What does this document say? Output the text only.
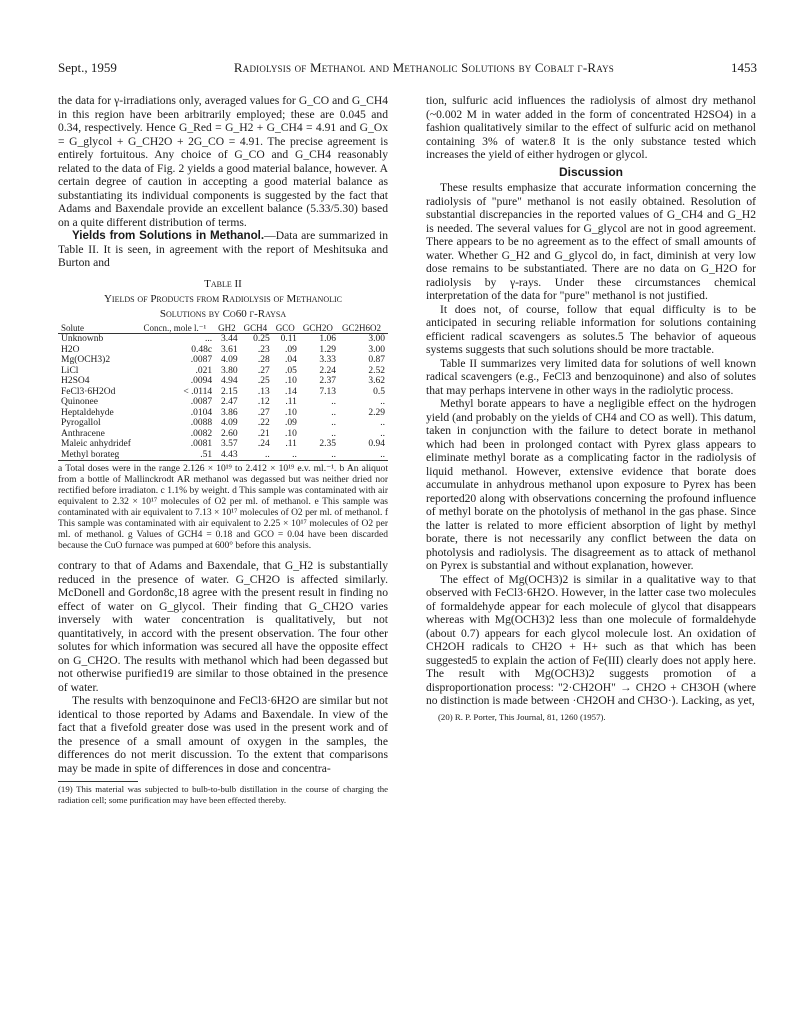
Sept., 1959	Radiolysis of Methanol and Methanolic Solutions by Cobalt γ-Rays	1453

the data for γ-irradiations only, averaged values for G_CO and G_CH4 in this region have been arbitrarily employed; these are 0.045 and 0.34, respectively. Hence G_Red = G_H2 + G_CH4 = 4.91 and G_Ox = G_glycol + G_CH2O + 2G_CO = 4.91. The precise agreement is entirely fortuitous. Any choice of G_CO and G_CH4 reasonably related to the data of Fig. 2 yields a good material balance, however. A certain degree of caution in accepting a good material balance as substantiating its individual components is suggested by the fact that Adams and Baxendale provide an excellent balance (5.33/5.30) based on a quite different distribution of terms.

Yields from Solutions in Methanol.—Data are summarized in Table II. It is seen, in agreement with the report of Meshitsuka and Burton and

Table II
Yields of Products from Radiolysis of Methanolic
Solutions by Co60 γ-Raysa
Solute	Concn., mole l.⁻¹	GH2	GCH4	GCO	GCH2O	GC2H6O2
Unknownb	...	3.44	0.25	0.11	1.06	3.00
H2O	0.48c	3.61	.23	.09	1.29	3.00
Mg(OCH3)2	.0087	4.09	.28	.04	3.33	0.87
LiCl	.021	3.80	.27	.05	2.24	2.52
H2SO4	.0094	4.94	.25	.10	2.37	3.62
FeCl3·6H2Od	< .0114	2.15	.13	.14	7.13	0.5
Quinonee	.0087	2.47	.12	.11	..	..
Heptaldehyde	.0104	3.86	.27	.10	..	2.29
Pyrogallol	.0088	4.09	.22	.09	..	..
Anthracene	.0082	2.60	.21	.10	..	..
Maleic anhydridef	.0081	3.57	.24	.11	2.35	0.94
Methyl borateg	.51	4.43	..	..	..	..
a Total doses were in the range 2.126 × 10¹⁹ to 2.412 × 10¹⁹ e.v. ml.⁻¹. b An aliquot from a bottle of Mallinckrodt AR methanol was degassed but was neither dried nor rectified before irradiaton. c 1.1% by weight. d This sample was contaminated with air equivalent to 2.32 × 10¹⁷ molecules of O2 per ml. of methanol. e This sample was contaminated with air equivalent to 7.13 × 10¹⁷ molecules of O2 per ml. of methanol. f This sample was contaminated with air equivalent to 2.25 × 10¹⁷ molecules of O2 per ml. of methanol. g Values of GCH4 = 0.18 and GCO = 0.04 have been discarded because the CuO furnace was pumped at 600° before this analysis.

contrary to that of Adams and Baxendale, that G_H2 is substantially reduced in the presence of water. G_CH2O is affected similarly. McDonell and Gordon8c,18 agree with the present result in finding no effect of water on G_glycol. Their finding that G_CH2O varies inversely with water concentration is qualitatively, but not quantitatively, in accord with the present observation. The four other solutes for which information was secured all have the opposite effect on G_CH2O. The results with methanol which had been degassed but not otherwise purified19 are similar to those obtained in the presence of water.

The results with benzoquinone and FeCl3·6H2O are similar but not identical to those reported by Adams and Baxendale. In view of the fact that a fivefold greater dose was used in the present work and of the presence of a small amount of oxygen in the samples, the differences do not merit discussion. To the extent that comparisons may be made in spite of differences in dose and concentra-

(19) This material was subjected to bulb-to-bulb distillation in the course of charging the radiation cell; some purification may have been effected thereby.

tion, sulfuric acid influences the radiolysis of almost dry methanol (~0.002 M in water added in the form of concentrated H2SO4) in a fashion qualitatively similar to the effect of sulfuric acid on methanol containing 3% of water.8 It is the only substance tested which increases the yield of either hydrogen or glycol.

Discussion

These results emphasize that accurate information concerning the radiolysis of "pure" methanol is not easily obtained. Resolution of substantial discrepancies in the reported values of G_CH4 and G_H2 is needed. The several values for G_glycol are not in good agreement. There appears to be no agreement as to the effect of small amounts of water. Whether G_H2 and G_glycol do, in fact, diminish at very low dose remains to be substantiated. There are no data on G_H2O for radiolysis by γ-rays. Under these circumstances chemical interpretation of the data for "pure" methanol is not justified.

It does not, of course, follow that equal difficulty is to be anticipated in securing reliable information for solutions containing efficient radical scavengers as solutes.5 The behavior of aqueous systems suggests that such solutions should be more tractable.

Table II summarizes very limited data for solutions of well known radical scavengers (e.g., FeCl3 and benzoquinone) and also of solutes that may perhaps intervene in other ways in the radiolytic process.

Methyl borate appears to have a negligible effect on the hydrogen yield (and probably on the yields of CH4 and CO as well). This datum, taken in conjunction with the failure to detect borate in methanol which had been in prolonged contact with Pyrex glass appears to eliminate methyl borate as a complicating factor in the radiolysis of liquid methanol. However, extensive evidence that borate does accumulate in anhydrous methanol upon exposure to Pyrex has been reported20 along with observations concerning the profound influence of methyl borate on the photolysis of methanol in the gas phase. Since the latter is related to more efficient absorption of light by methyl borate, there is not necessarily any conflict between the data on photolysis and radiolysis. The disagreement as to attack of methanol on Pyrex is substantial and without explanation, however.

The effect of Mg(OCH3)2 is similar in a qualitative way to that observed with FeCl3·6H2O. However, in the latter case two molecules of formaldehyde appear for each molecule of glycol that disappears whereas with Mg(OCH3)2 less than one molecule of formaldehyde (about 0.7) appears for each glycol molecule lost. An oxidation of CH2OH radicals to CH2O + H+ such as that which has been suggested5 to explain the action of Fe(III) clearly does not apply here. The result with Mg(OCH3)2 suggests promotion of a disproportionation process: "2·CH2OH" → CH2O + CH3OH (where no distinction is made between ·CH2OH and CH3O·). Lacking, as yet,

(20) R. P. Porter, This Journal, 81, 1260 (1957).
